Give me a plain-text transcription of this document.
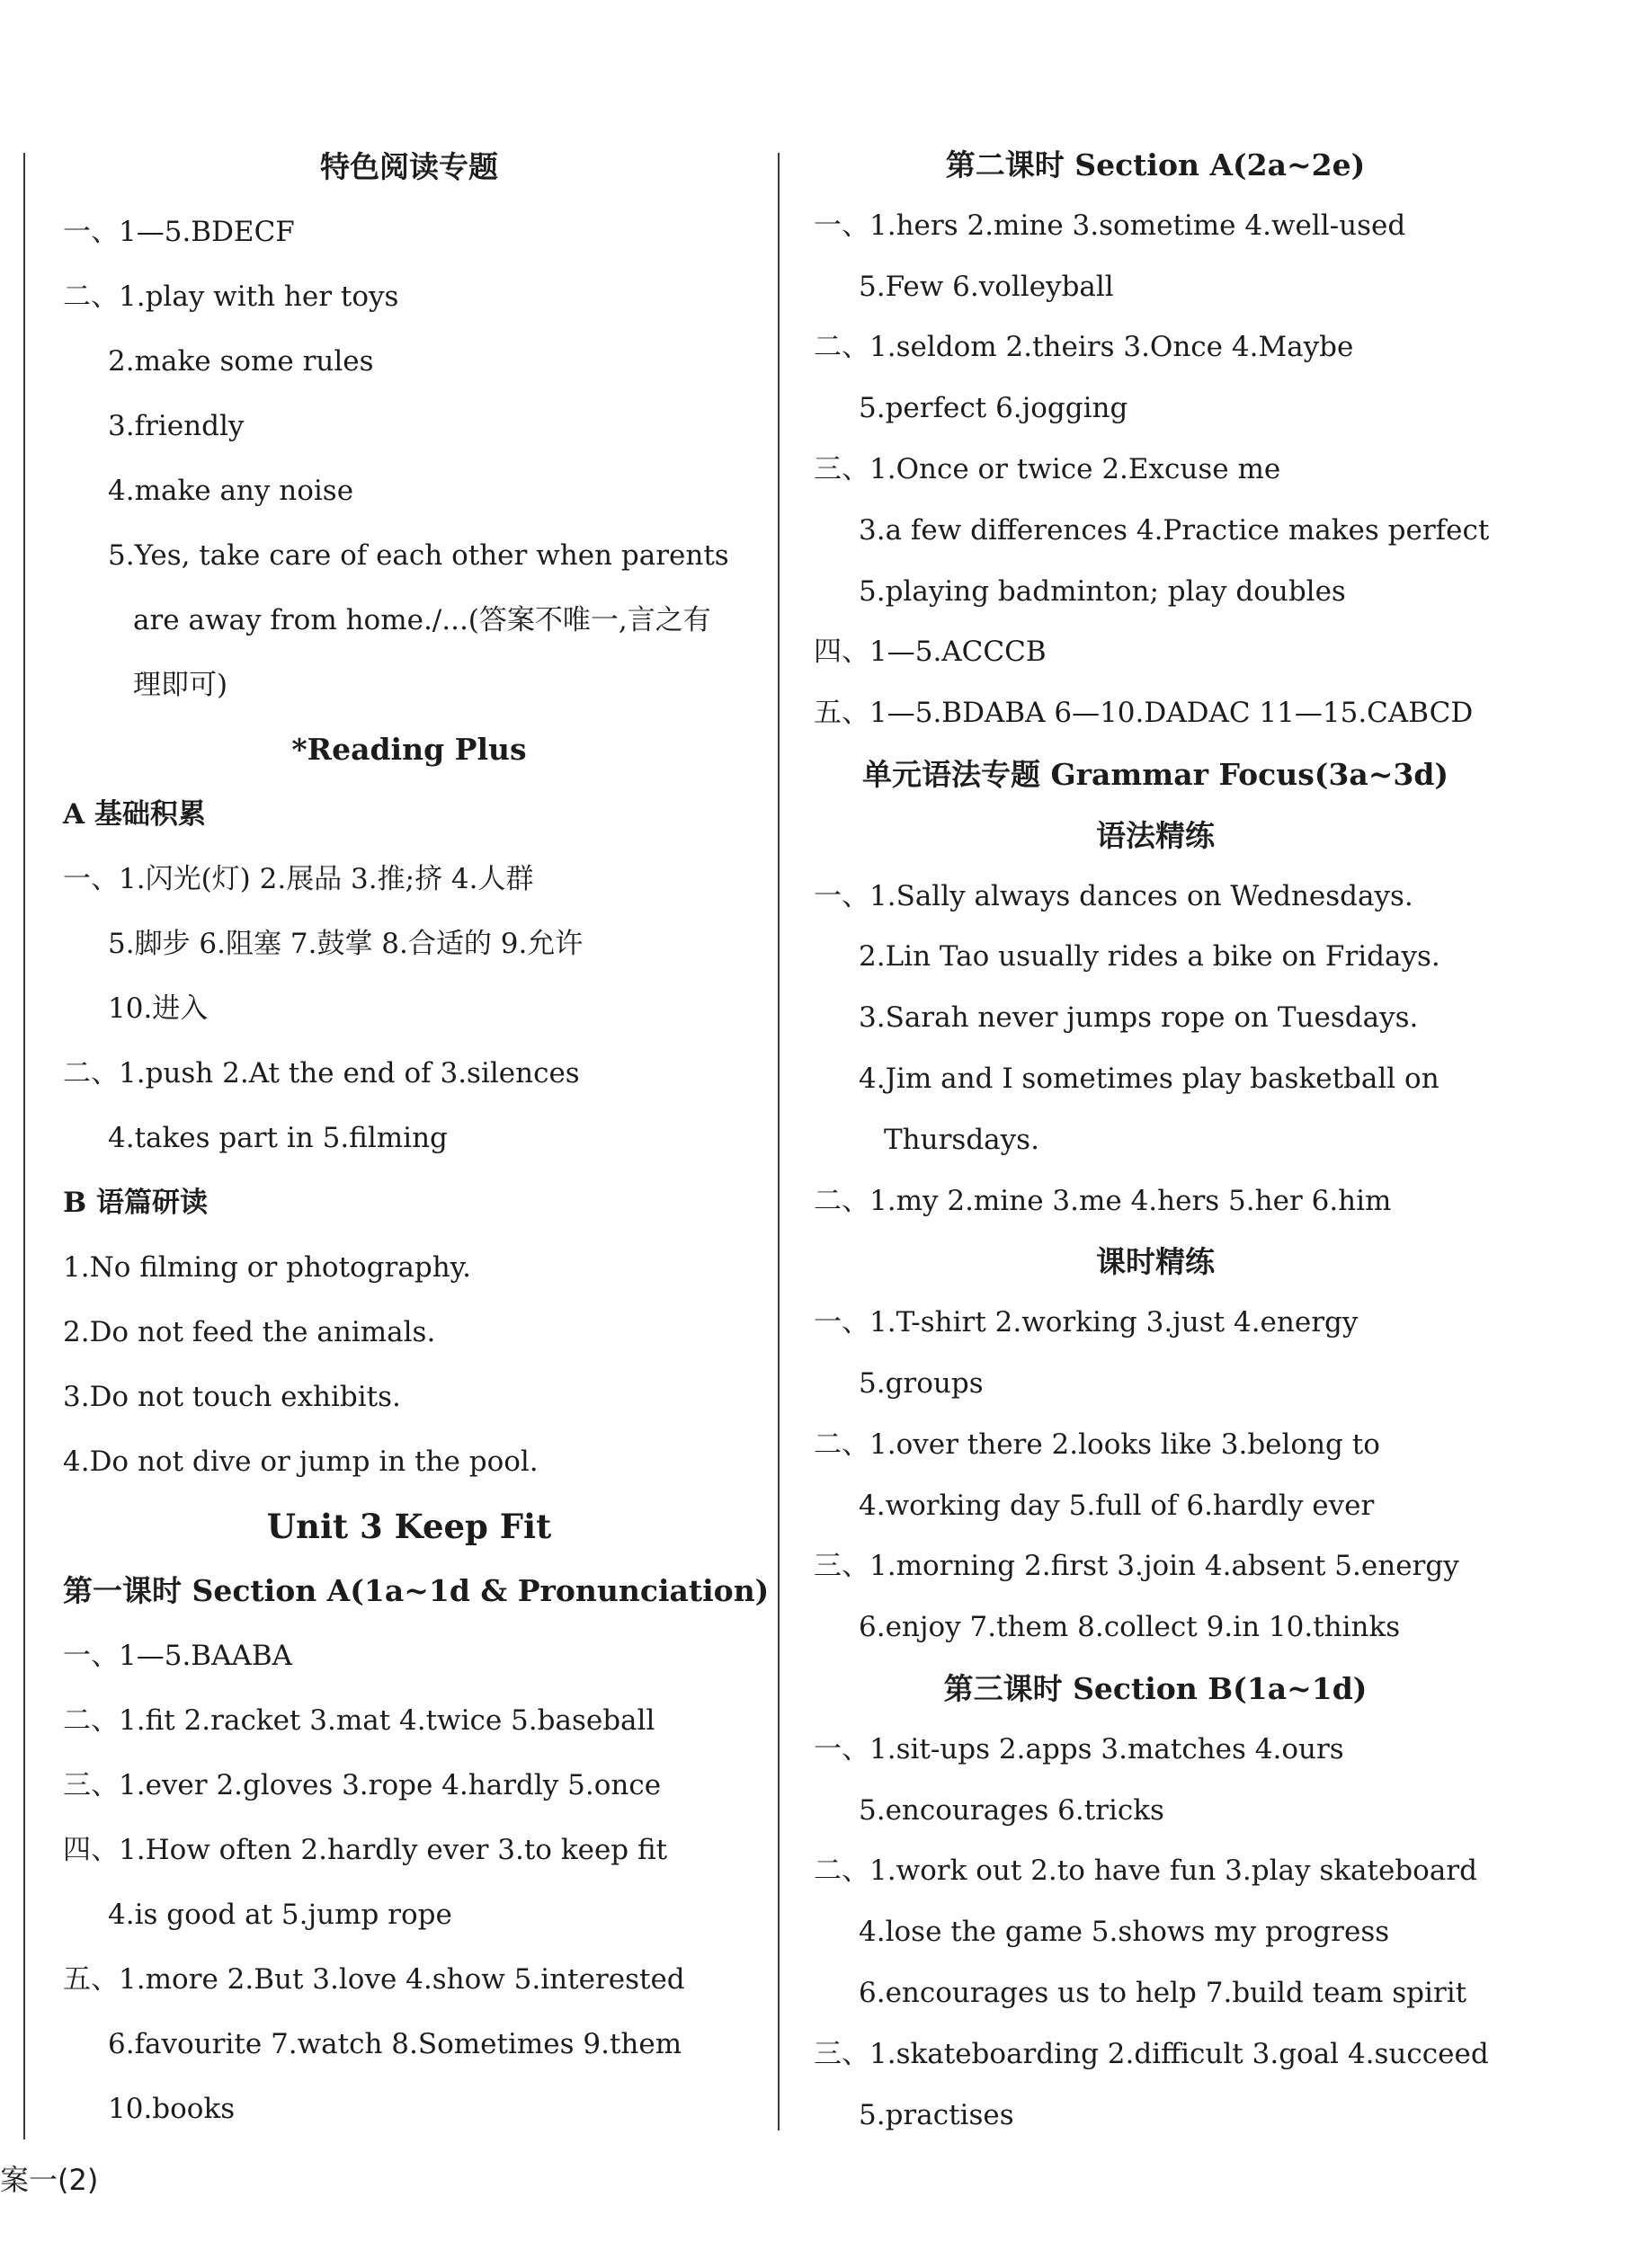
特色阅读专题
一、1—5.BDECF
二、1.play with her toys
2.make some rules
3.friendly
4.make any noise
5.Yes, take care of each other when parents
are away from home./...(答案不唯一,言之有
理即可)
*Reading Plus
A 基础积累
一、1.闪光(灯) 2.展品 3.推;挤 4.人群
5.脚步 6.阻塞 7.鼓掌 8.合适的 9.允许
10.进入
二、1.push 2.At the end of 3.silences
4.takes part in 5.filming
B 语篇研读
1.No filming or photography.
2.Do not feed the animals.
3.Do not touch exhibits.
4.Do not dive or jump in the pool.
Unit 3 Keep Fit
第一课时 Section A(1a~1d & Pronunciation)
一、1—5.BAABA
二、1.fit 2.racket 3.mat 4.twice 5.baseball
三、1.ever 2.gloves 3.rope 4.hardly 5.once
四、1.How often 2.hardly ever 3.to keep fit
4.is good at 5.jump rope
五、1.more 2.But 3.love 4.show 5.interested
6.favourite 7.watch 8.Sometimes 9.them
10.books
第二课时 Section A(2a~2e)
一、1.hers 2.mine 3.sometime 4.well-used
5.Few 6.volleyball
二、1.seldom 2.theirs 3.Once 4.Maybe
5.perfect 6.jogging
三、1.Once or twice 2.Excuse me
3.a few differences 4.Practice makes perfect
5.playing badminton; play doubles
四、1—5.ACCCB
五、1—5.BDABA 6—10.DADAC 11—15.CABCD
单元语法专题 Grammar Focus(3a~3d)
语法精练
一、1.Sally always dances on Wednesdays.
2.Lin Tao usually rides a bike on Fridays.
3.Sarah never jumps rope on Tuesdays.
4.Jim and I sometimes play basketball on
Thursdays.
二、1.my 2.mine 3.me 4.hers 5.her 6.him
课时精练
一、1.T-shirt 2.working 3.just 4.energy
5.groups
二、1.over there 2.looks like 3.belong to
4.working day 5.full of 6.hardly ever
三、1.morning 2.first 3.join 4.absent 5.energy
6.enjoy 7.them 8.collect 9.in 10.thinks
第三课时 Section B(1a~1d)
一、1.sit-ups 2.apps 3.matches 4.ours
5.encourages 6.tricks
二、1.work out 2.to have fun 3.play skateboard
4.lose the game 5.shows my progress
6.encourages us to help 7.build team spirit
三、1.skateboarding 2.difficult 3.goal 4.succeed
5.practises
案一(2)
